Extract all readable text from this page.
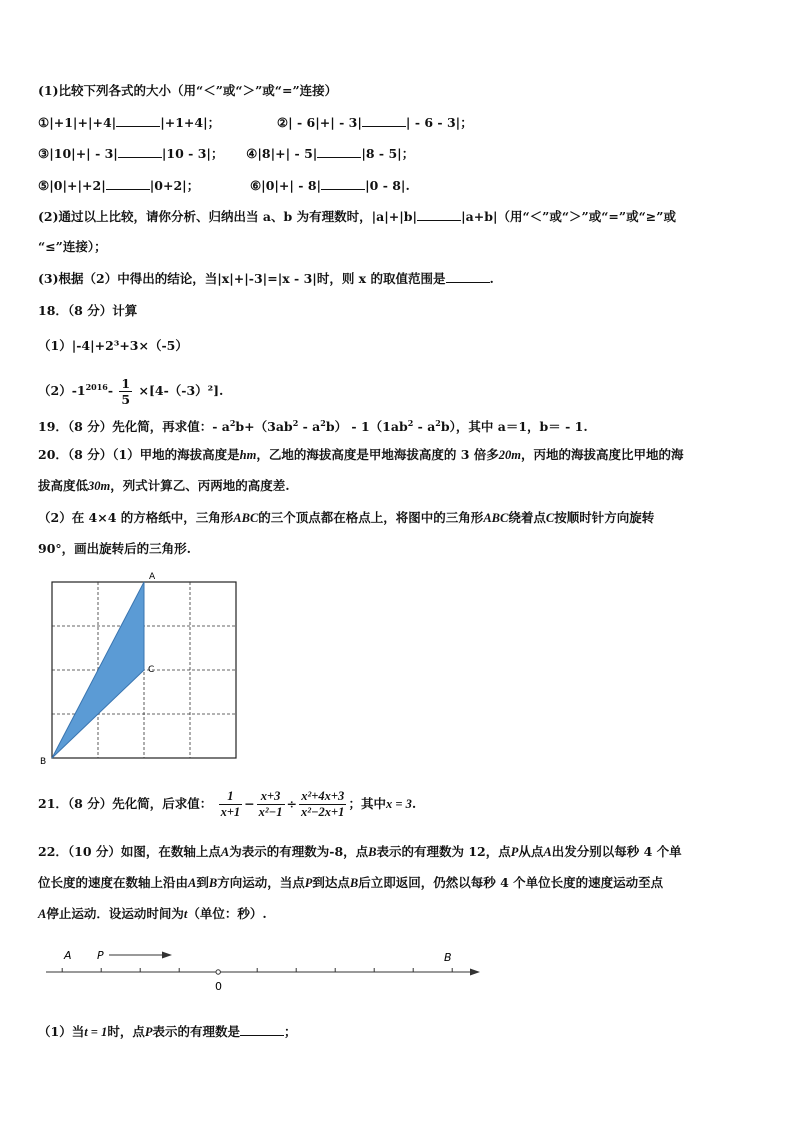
(1)比较下列各式的大小（用“＜”或“＞”或“=”连接）
①|+1|+|+4|	|+1+4|；	②| - 6|+| - 3|	| - 6 - 3|；
③|10|+| - 3|	|10 - 3|； ④|8|+| - 5|	|8 - 5|；
⑤|0|+|+2|	|0+2|；	⑥|0|+| - 8|	|0 - 8|.
(2)通过以上比较，请你分析、归纳出当 a、b 为有理数时，|a|+|b|	|a+b|（用“＜”或“＞”或“=”或“≥”或
“≤”连接）；
(3)根据（2）中得出的结论，当|x|+|-3|=|x - 3|时，则 x 的取值范围是	.
18．（8 分）计算
（1）|-4|+2³+3×（-5）
$(2)-1^{2016}- \frac{1}{5} \times[4-(-3)^2]$.
19．（8 分）先化简，再求值：- $a^2b+(3ab^2 - a^2b) - 1(1ab^2 - a^2b)$，其中 a＝1，b＝ - 1.
20．（8 分）（1）甲地的海拔高度是hm，乙地的海拔高度是甲地海拔高度的 3 倍多20m，丙地的海拔高度比甲地的海
拔高度低30m，列式计算乙、丙两地的高度差.
（2）在 4×4 的方格纸中，三角形ABC的三个顶点都在格点上，将图中的三角形ABC绕着点C按顺时针方向旋转
90°，画出旋转后的三角形.
A
C
B
21．（8 分）先化简，后求值： $\frac{1}{x+1} - \frac{x+3}{\text{x²−1}} \div \frac{\text{x²+4x+3}}{\text{x²−2x+1}}$ ；其中x = 3.
22．（10 分）如图，在数轴上点A为表示的有理数为-8，点B表示的有理数为 12，点P从点A出发分别以每秒 4 个单
位长度的速度在数轴上沿由A到B方向运动，当点P到达点B后立即返回，仍然以每秒 4 个单位长度的速度运动至点
A停止运动．设运动时间为t（单位：秒）.
A P	B
0
（1）当t = 1时，点P表示的有理数是	；
